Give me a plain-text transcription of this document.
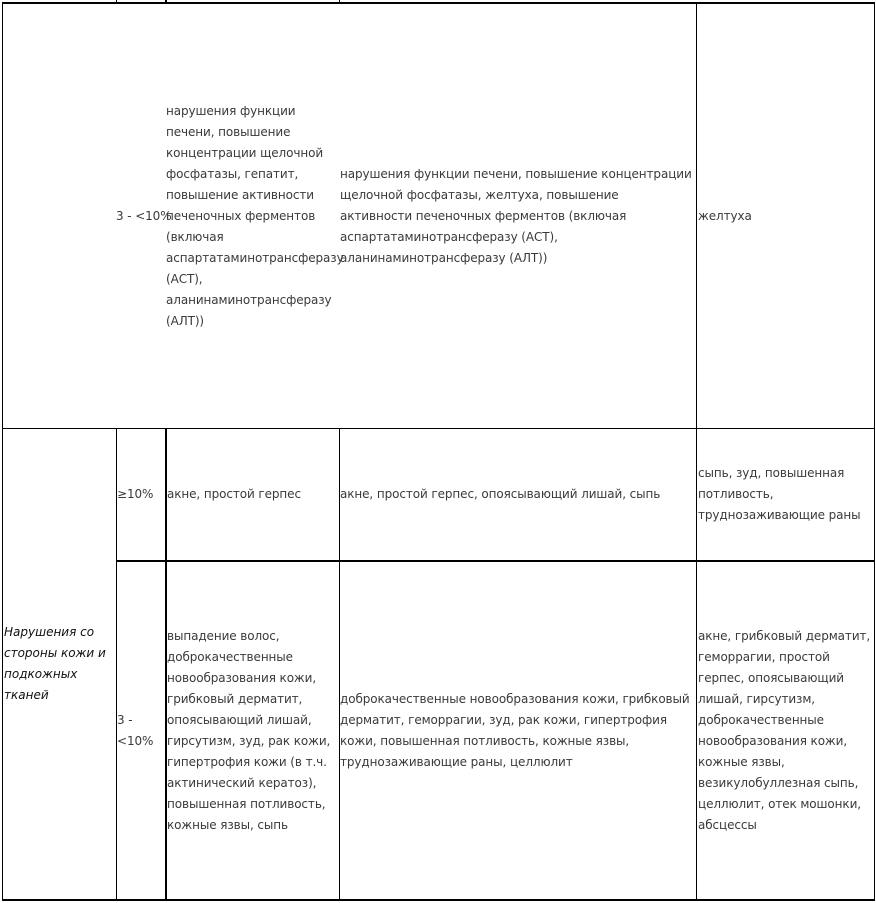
3 - <10%
нарушения функции печени, повышение концентрации щелочной фосфатазы, гепатит, повышение активности печеночных ферментов (включая аспартатаминотрансферазу (АСТ), аланинаминотрансферазу (АЛТ))
нарушения функции печени, повышение концентрации щелочной фосфатазы, желтуха, повышение активности печеночных ферментов (включая аспартатаминотрансферазу (АСТ), аланинаминотрансферазу (АЛТ))
желтуха
Нарушения со стороны кожи и подкожных тканей
≥10% акне, простой герпес	акне, простой герпес, опоясывающий лишай, сыпь
сыпь, зуд, повышенная потливость, труднозаживающие раны
3 - <10%
выпадение волос, доброкачественные новообразования кожи, грибковый дерматит, опоясывающий лишай, гирсутизм, зуд, рак кожи, гипертрофия кожи (в т.ч. актинический кератоз), повышенная потливость, кожные язвы, сыпь
доброкачественные новообразования кожи, грибковый дерматит, геморрагии, зуд, рак кожи, гипертрофия кожи, повышенная потливость, кожные язвы, труднозаживающие раны, целлюлит
акне, грибковый дерматит, геморрагии, простой герпес, опоясывающий лишай, гирсутизм, доброкачественные новообразования кожи, кожные язвы, везикулобуллезная сыпь, целлюлит, отек мошонки, абсцессы
